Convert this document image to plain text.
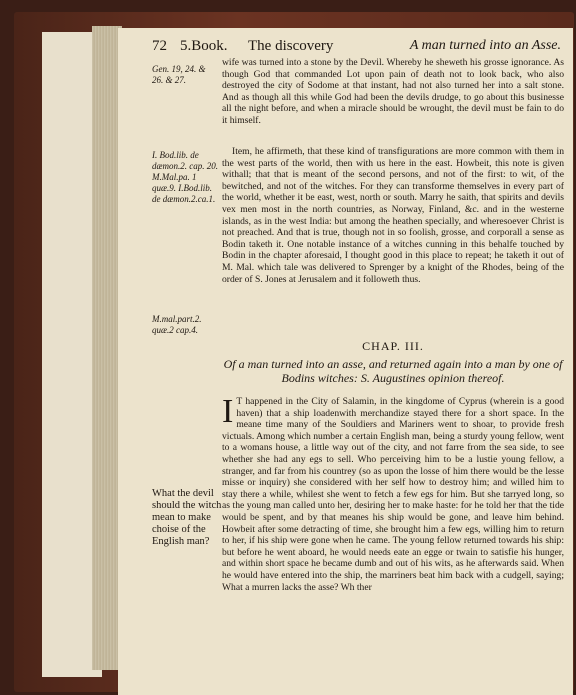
72 5.Book. The discovery	A man turned into an Asse.
Gen. 19, 24. & 26. & 27.
I. Bod.lib. de dæmon.2. cap. 20. M.Mal.pa. 1 quæ.9. I.Bod.lib. de dæmon.2.ca.1.
M.mal.part.2. quæ.2 cap.4.
What the devil should the witch mean to make choise of the English man?

wife was turned into a stone by the Devil. Whereby he sheweth his grosse ignorance. As though God that commanded Lot upon pain of death not to look back, who also destroyed the city of Sodome at that instant, had not also turned her into a salt stone. And as though all this while God had been the devils drudge, to go about this businesse all the night before, and when a miracle should be wrought, the devil must be fain to do it himself.

Item, he affirmeth, that these kind of transfigurations are more common with them in the west parts of the world, then with us here in the east. Howbeit, this note is given withall; that that is meant of the second persons, and not of the first: to wit, of the bewitched, and not of the witches. For they can transforme themselves in every part of the world, whether it be east, west, north or south. Marry he saith, that spirits and devils vex men most in the north countries, as Norway, Finland, &c. and in the westerne islands, as in the west India: but among the heathen specially, and wheresoever Christ is not preached. And that is true, though not in so foolish, grosse, and corporall a sense as Bodin taketh it. One notable instance of a witches cunning in this behalfe touched by Bodin in the chapter aforesaid, I thought good in this place to repeat; he taketh it out of M. Mal. which tale was delivered to Sprenger by a knight of the Rhodes, being of the order of S. Jones at Jerusalem and it followeth thus.

CHAP. III.
Of a man turned into an asse, and returned again into a man by one of Bodins witches: S. Augustines opinion thereof.

I T happened in the City of Salamin, in the kingdome of Cyprus (wherein is a good haven) that a ship loadenwith merchandize stayed there for a short space. In the meane time many of the Souldiers and Mariners went to shoar, to provide fresh victuals. Among which number a certain English man, being a sturdy young fellow, went to a womans house, a little way out of the city, and not farre from the sea side, to see whether she had any egs to sell. Who perceiving him to be a lustie young fellow, a stranger, and far from his countrey (so as upon the losse of him there would be the lesse misse or inquiry) she considered with her self how to destroy him; and willed him to stay there a while, whilest she went to fetch a few egs for him. But she tarryed long, so as the young man called unto her, desiring her to make haste: for he told her that the tide would be spent, and by that meanes his ship would be gone, and leave him behind. Howbeit after some detracting of time, she brought him a few egs, willing him to return to her, if his ship were gone when he came. The young fellow returned towards his ship: but before he went aboard, he would needs eate an egge or twain to satisfie his hunger, and within short space he became dumb and out of his wits, as he afterwards said. When he would have entered into the ship, the marriners beat him back with a cudgell, saying; What a murren lacks the asse? Wh ther
